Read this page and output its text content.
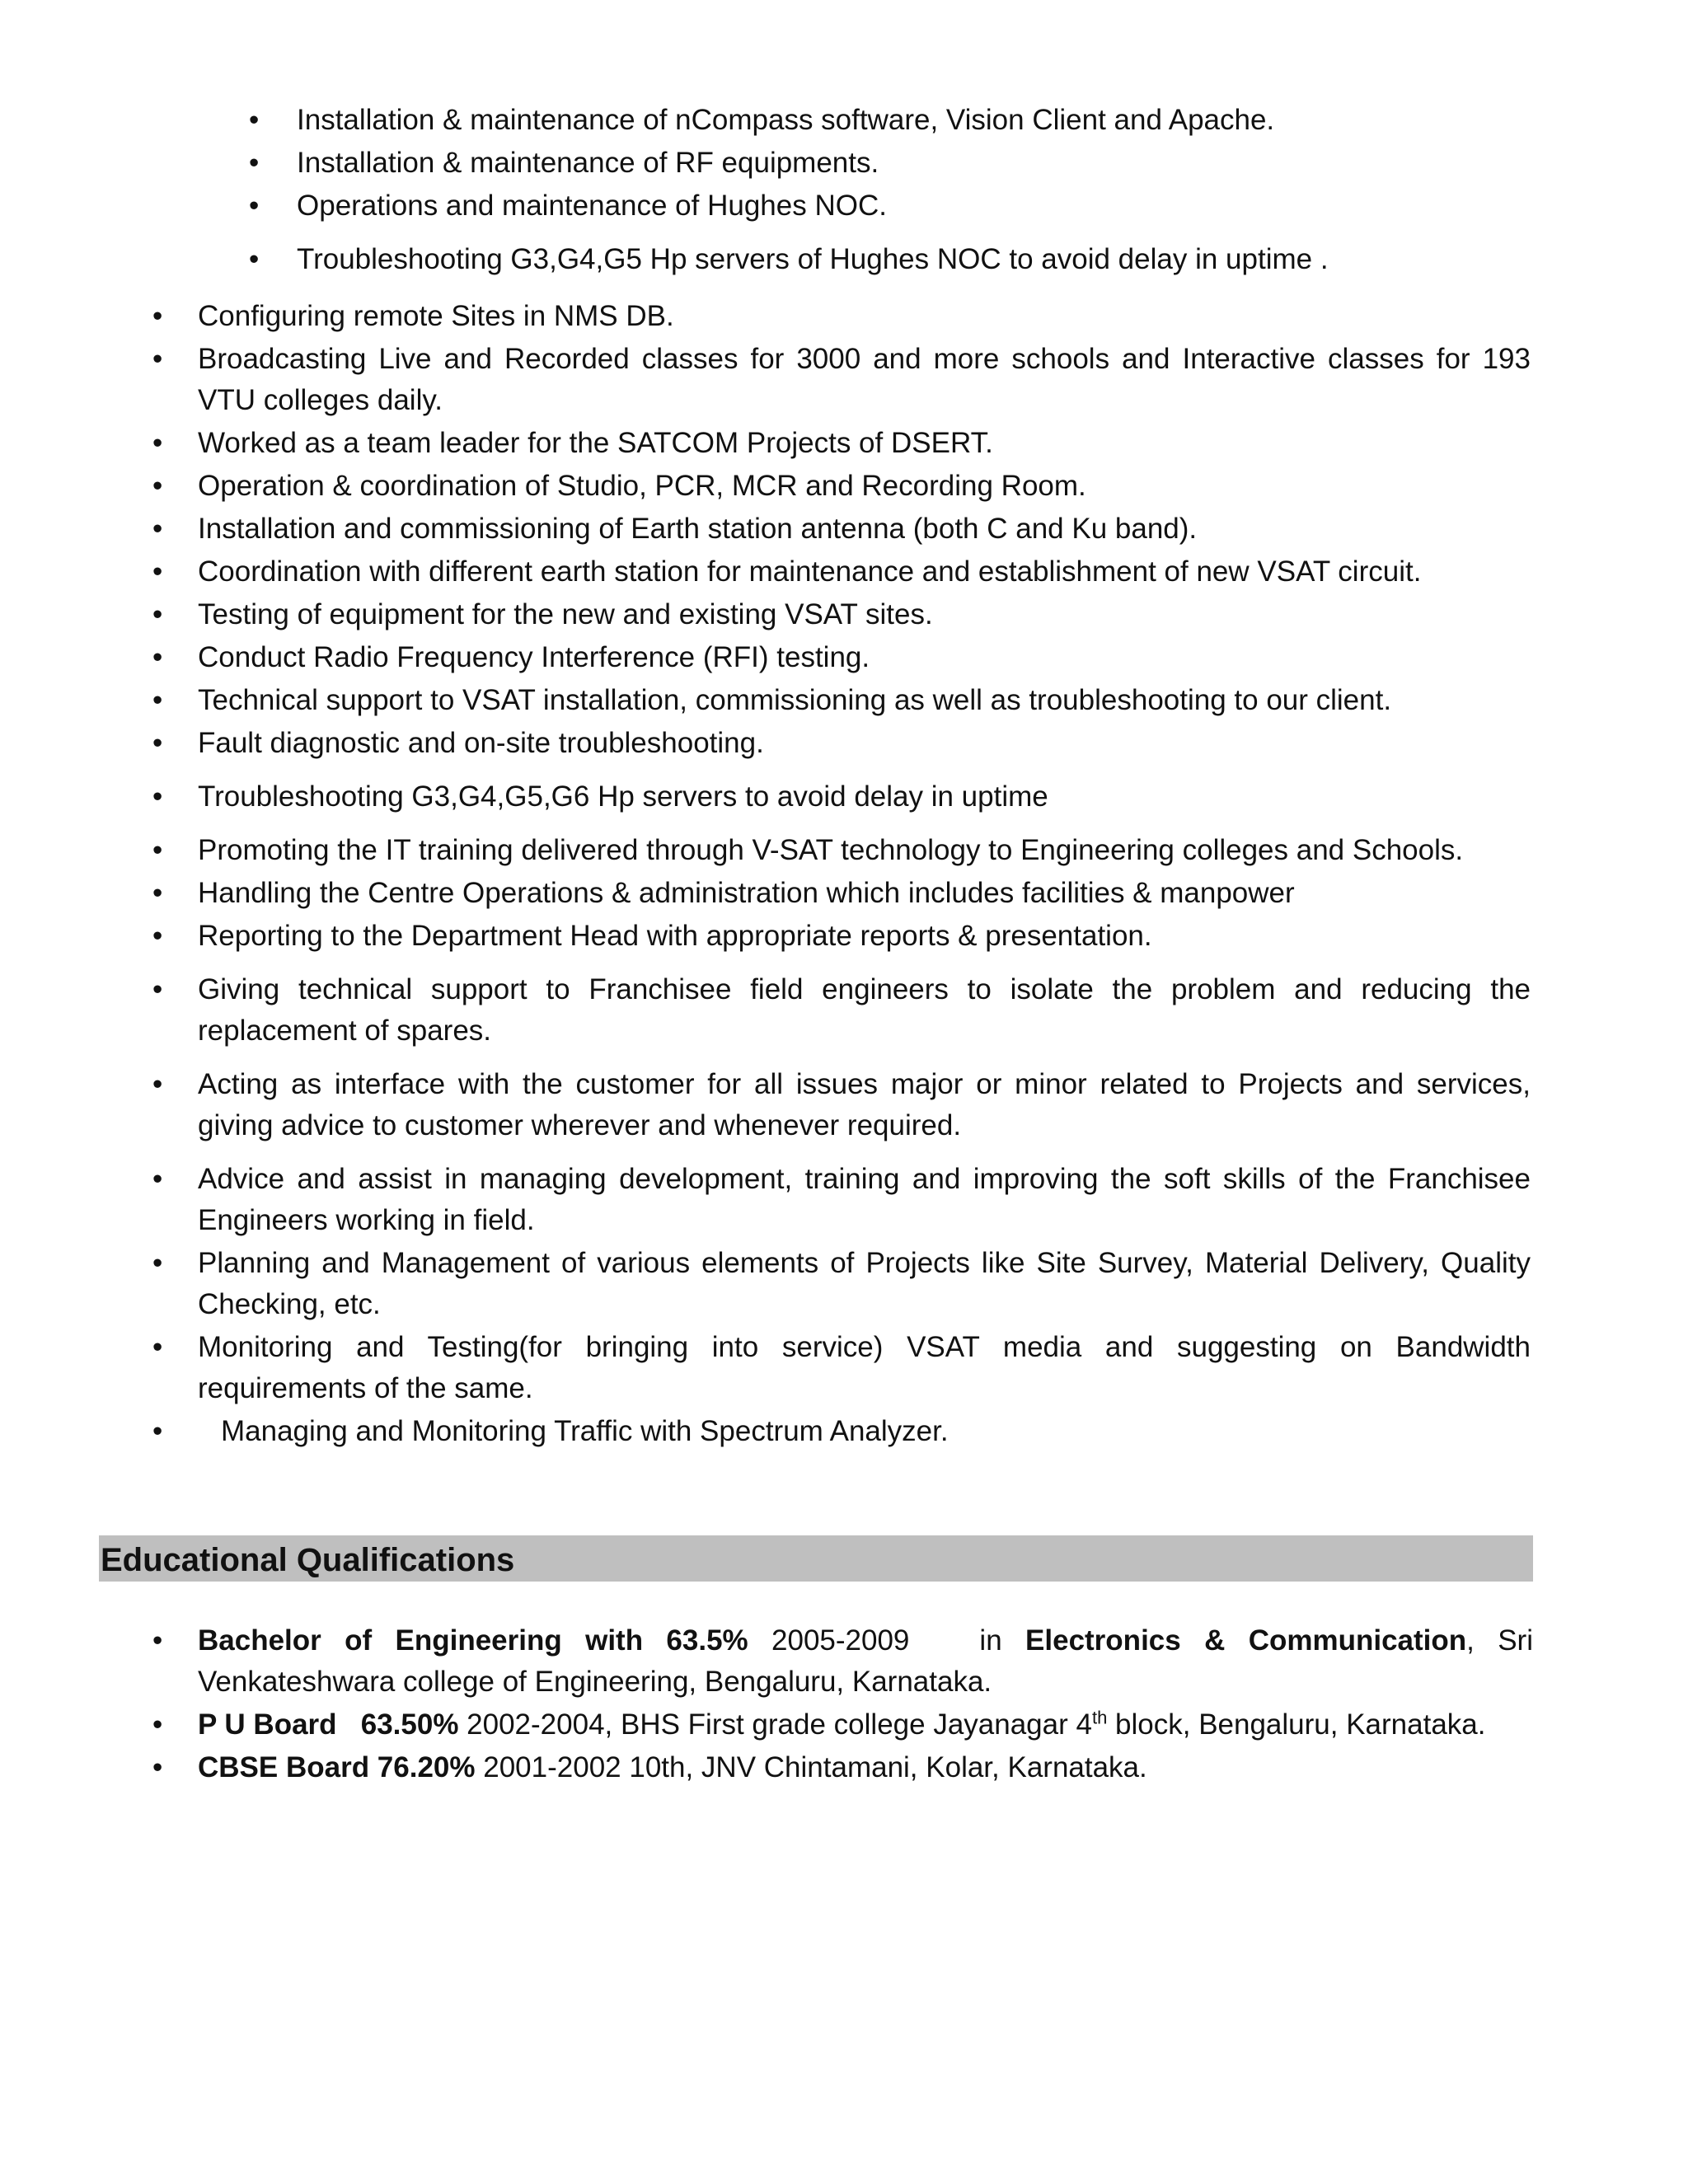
• Installation & maintenance of nCompass software, Vision Client and Apache.
• Installation & maintenance of RF equipments.
• Operations and maintenance of Hughes NOC.
• Troubleshooting G3,G4,G5 Hp servers of Hughes NOC to avoid delay in uptime .
• Configuring remote Sites in NMS DB.
• Broadcasting Live and Recorded classes for 3000 and more schools and Interactive classes for 193 VTU colleges daily.
• Worked as a team leader for the SATCOM Projects of DSERT.
• Operation & coordination of Studio, PCR, MCR and Recording Room.
• Installation and commissioning of Earth station antenna (both C and Ku band).
• Coordination with different earth station for maintenance and establishment of new VSAT circuit.
• Testing of equipment for the new and existing VSAT sites.
• Conduct Radio Frequency Interference (RFI) testing.
• Technical support to VSAT installation, commissioning as well as troubleshooting to our client.
• Fault diagnostic and on-site troubleshooting.
• Troubleshooting G3,G4,G5,G6 Hp servers to avoid delay in uptime
• Promoting the IT training delivered through V-SAT technology to Engineering colleges and Schools.
• Handling the Centre Operations & administration which includes facilities & manpower
• Reporting to the Department Head with appropriate reports & presentation.
• Giving technical support to Franchisee field engineers to isolate the problem and reducing the replacement of spares.
• Acting as interface with the customer for all issues major or minor related to Projects and services, giving advice to customer wherever and whenever required.
• Advice and assist in managing development, training and improving the soft skills of the Franchisee Engineers working in field.
• Planning and Management of various elements of Projects like Site Survey, Material Delivery, Quality Checking, etc.
• Monitoring and Testing(for bringing into service) VSAT media and suggesting on Bandwidth requirements of the same.
• Managing and Monitoring Traffic with Spectrum Analyzer.
Educational Qualifications
• Bachelor of Engineering with 63.5% 2005-2009   in Electronics & Communication, Sri Venkateshwara college of Engineering, Bengaluru, Karnataka.
• P U Board   63.50% 2002-2004, BHS First grade college Jayanagar 4th block, Bengaluru, Karnataka.
• CBSE Board 76.20% 2001-2002 10th, JNV Chintamani, Kolar, Karnataka.
